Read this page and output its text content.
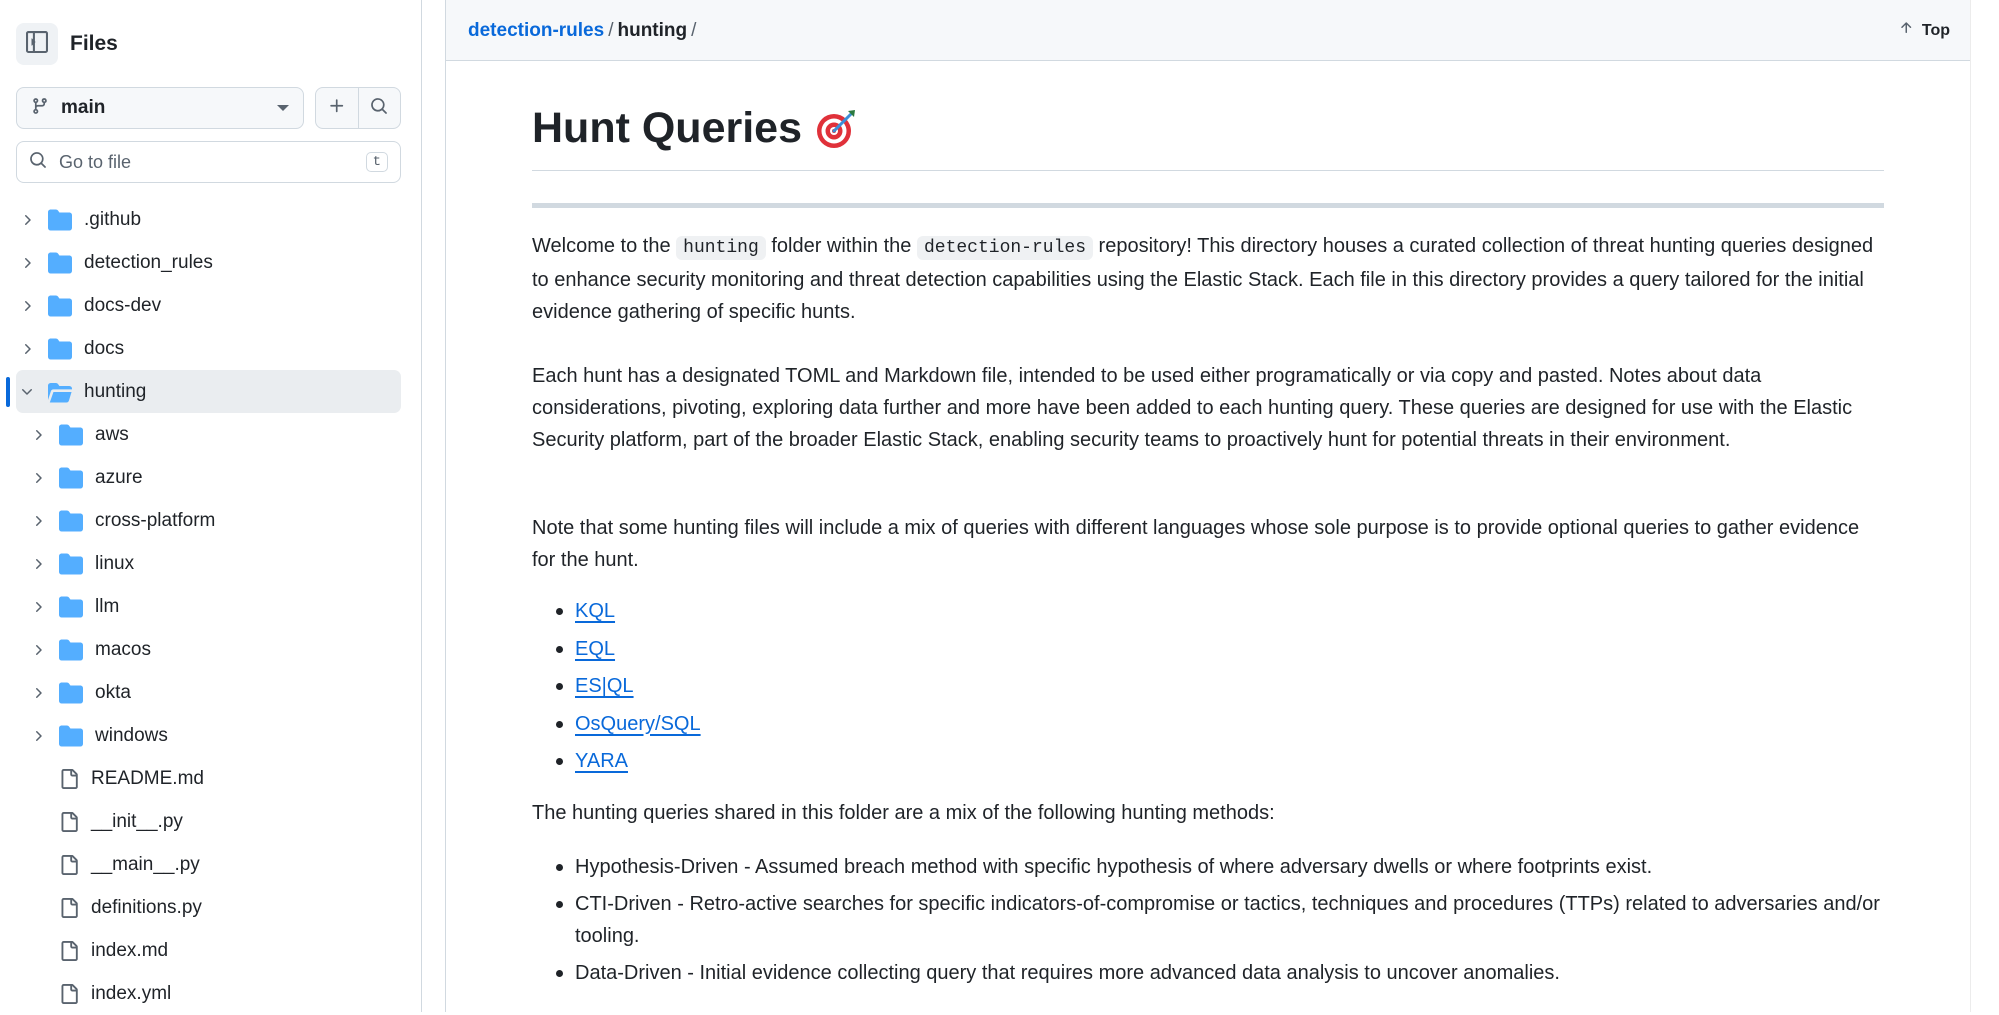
Files
main
Go to file
t
.github
detection_rules
docs-dev
docs
hunting
aws
azure
cross-platform
linux
llm
macos
okta
windows
README.md
__init__.py
__main__.py
definitions.py
index.md
index.yml
detection-rules / hunting /	Top
Hunt Queries

Welcome to the hunting folder within the detection-rules repository! This directory houses a curated collection of threat hunting queries designed to enhance security monitoring and threat detection capabilities using the Elastic Stack. Each file in this directory provides a query tailored for the initial evidence gathering of specific hunts.

Each hunt has a designated TOML and Markdown file, intended to be used either programatically or via copy and pasted. Notes about data considerations, pivoting, exploring data further and more have been added to each hunting query. These queries are designed for use with the Elastic Security platform, part of the broader Elastic Stack, enabling security teams to proactively hunt for potential threats in their environment.

Note that some hunting files will include a mix of queries with different languages whose sole purpose is to provide optional queries to gather evidence for the hunt.

KQL
EQL
ES|QL
OsQuery/SQL
YARA

The hunting queries shared in this folder are a mix of the following hunting methods:

Hypothesis-Driven - Assumed breach method with specific hypothesis of where adversary dwells or where footprints exist.
CTI-Driven - Retro-active searches for specific indicators-of-compromise or tactics, techniques and procedures (TTPs) related to adversaries and/or tooling.
Data-Driven - Initial evidence collecting query that requires more advanced data analysis to uncover anomalies.
